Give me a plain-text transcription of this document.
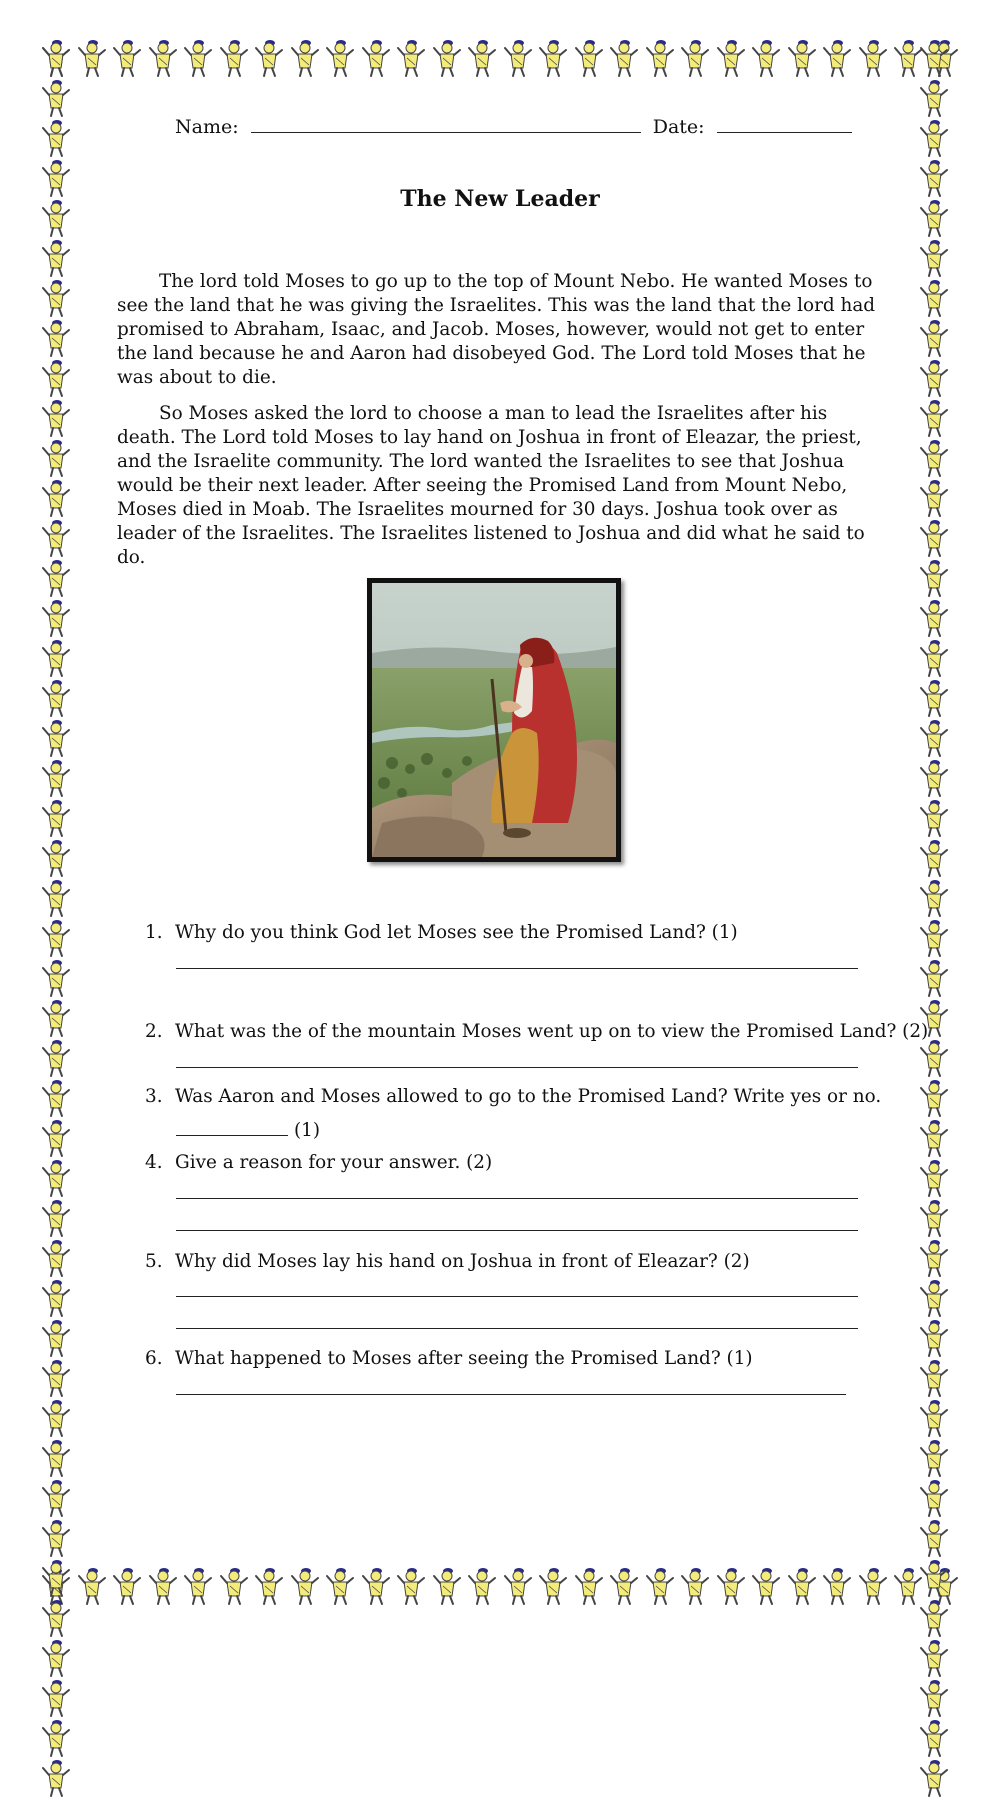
Name:	Date:
The New Leader

The lord told Moses to go up to the top of Mount Nebo. He wanted Moses to see the land that he was giving the Israelites. This was the land that the lord had promised to Abraham, Isaac, and Jacob. Moses, however, would not get to enter the land because he and Aaron had disobeyed God. The Lord told Moses that he was about to die.

So Moses asked the lord to choose a man to lead the Israelites after his death. The Lord told Moses to lay hand on Joshua in front of Eleazar, the priest, and the Israelite community. The lord wanted the Israelites to see that Joshua would be their next leader. After seeing the Promised Land from Mount Nebo, Moses died in Moab. The Israelites mourned for 30 days. Joshua took over as leader of the Israelites. The Israelites listened to Joshua and did what he said to do.

1. Why do you think God let Moses see the Promised Land? (1)
2. What was the of the mountain Moses went up on to view the Promised Land? (2)
3. Was Aaron and Moses allowed to go to the Promised Land? Write yes or no.
(1)
4. Give a reason for your answer. (2)
5. Why did Moses lay his hand on Joshua in front of Eleazar? (2)
6. What happened to Moses after seeing the Promised Land? (1)
